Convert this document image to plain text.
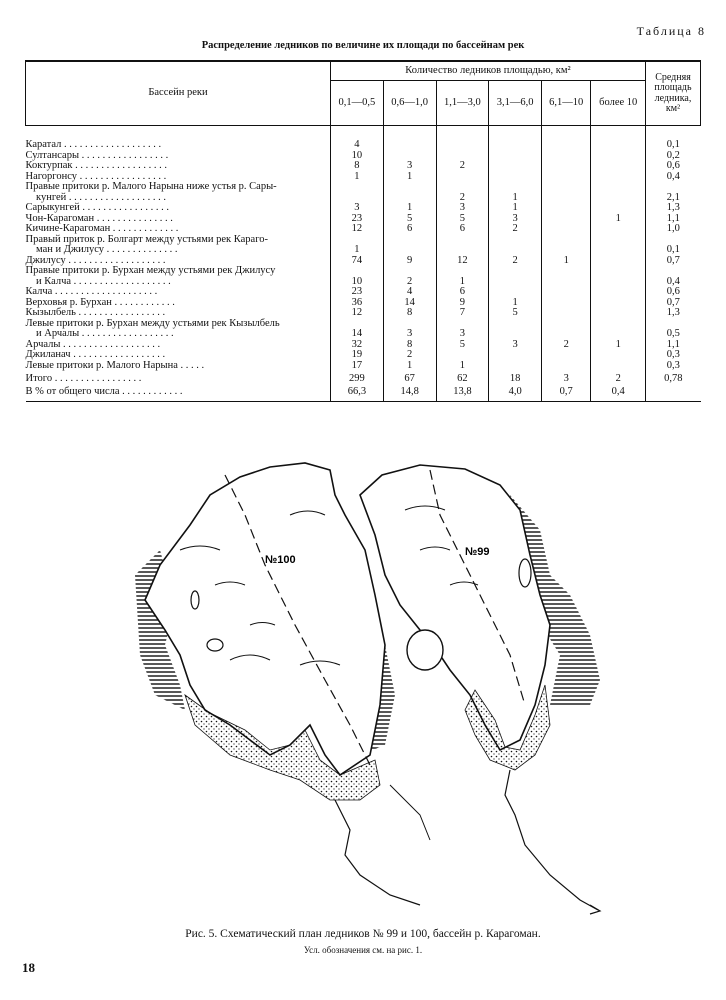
Таблица 8
Распределение ледников по величине их площади по бассейнам рек
Бассейн реки	Количество ледников площадью, км²						Средняя площадь ледника, км²
	0,1—0,5	0,6—1,0	1,1—3,0	3,1—6,0	6,1—10	более 10	

Каратал . . . . . . . . . . . . . . . . . . .	4						0,1
Султансары . . . . . . . . . . . . . . . . .	10						0,2
Коктурпак . . . . . . . . . . . . . . . . . .	8	3	2				0,6
Нагоргонсу . . . . . . . . . . . . . . . . .	1	1					0,4
Правые притоки р. Малого Нарына ниже устья р. Сары-							
кунгей . . . . . . . . . . . . . . . . . . .			2	1			2,1
Сарыкунгей . . . . . . . . . . . . . . . . .	3	1	3	1			1,3
Чон-Карагоман . . . . . . . . . . . . . . .	23	5	5	3		1	1,1
Кичине-Карагоман . . . . . . . . . . . . .	12	6	6	2			1,0
Правый приток р. Болгарт между устьями рек Караго-							
ман и Джилусу . . . . . . . . . . . . . .	1						0,1
Джилусу . . . . . . . . . . . . . . . . . . .	74	9	12	2	1		0,7
Правые притоки р. Бурхан между устьями рек Джилусу							
и Калча . . . . . . . . . . . . . . . . . . .	10	2	1				0,4
Калча . . . . . . . . . . . . . . . . . . . .	23	4	6				0,6
Верховья р. Бурхан . . . . . . . . . . . .	36	14	9	1			0,7
Кызылбель . . . . . . . . . . . . . . . . .	12	8	7	5			1,3
Левые притоки р. Бурхан между устьями рек Кызылбель							
и Арчалы . . . . . . . . . . . . . . . . . .	14	3	3				0,5
Арчалы . . . . . . . . . . . . . . . . . . .	32	8	5	3	2	1	1,1
Джиланач . . . . . . . . . . . . . . . . . .	19	2					0,3
Левые притоки р. Малого Нарына . . . . .	17	1	1				0,3
Итого . . . . . . . . . . . . . . . . .	299	67	62	18	3	2	0,78
В % от общего числа . . . . . . . . . . . .	66,3	14,8	13,8	4,0	0,7	0,4	
№100
№99
Рис. 5. Схематический план ледников № 99 и 100, бассейн р. Карагоман.
Усл. обозначения см. на рис. 1.
18
